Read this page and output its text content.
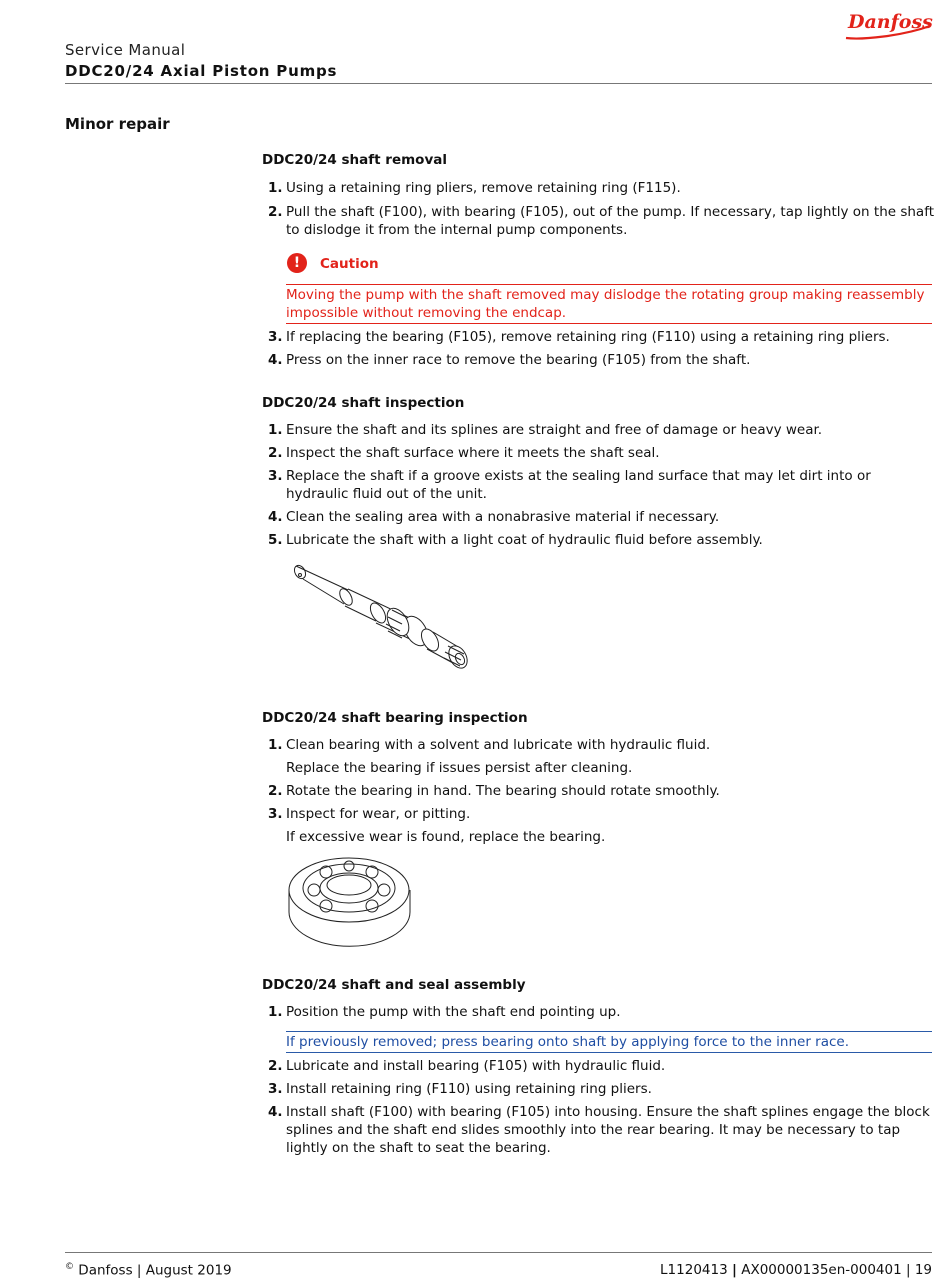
Danfoss
Service Manual
DDC20/24 Axial Piston Pumps
Minor repair
DDC20/24 shaft removal
1. Using a retaining ring pliers, remove retaining ring (F115).
2. Pull the shaft (F100), with bearing (F105), out of the pump. If necessary, tap lightly on the shaft to dislodge it from the internal pump components.
!	Caution
Moving the pump with the shaft removed may dislodge the rotating group making reassembly impossible without removing the endcap.
3. If replacing the bearing (F105), remove retaining ring (F110) using a retaining ring pliers.
4. Press on the inner race to remove the bearing (F105) from the shaft.
DDC20/24 shaft inspection
1. Ensure the shaft and its splines are straight and free of damage or heavy wear.
2. Inspect the shaft surface where it meets the shaft seal.
3. Replace the shaft if a groove exists at the sealing land surface that may let dirt into or hydraulic fluid out of the unit.
4. Clean the sealing area with a nonabrasive material if necessary.
5. Lubricate the shaft with a light coat of hydraulic fluid before assembly.
DDC20/24 shaft bearing inspection
1. Clean bearing with a solvent and lubricate with hydraulic fluid.
Replace the bearing if issues persist after cleaning.
2. Rotate the bearing in hand. The bearing should rotate smoothly.
3. Inspect for wear, or pitting.
If excessive wear is found, replace the bearing.
DDC20/24 shaft and seal assembly
1. Position the pump with the shaft end pointing up.
If previously removed; press bearing onto shaft by applying force to the inner race.
2. Lubricate and install bearing (F105) with hydraulic fluid.
3. Install retaining ring (F110) using retaining ring pliers.
4. Install shaft (F100) with bearing (F105) into housing. Ensure the shaft splines engage the block splines and the shaft end slides smoothly into the rear bearing. It may be necessary to tap lightly on the shaft to seat the bearing.
© Danfoss | August 2019	L1120413 | AX00000135en-000401 | 19
